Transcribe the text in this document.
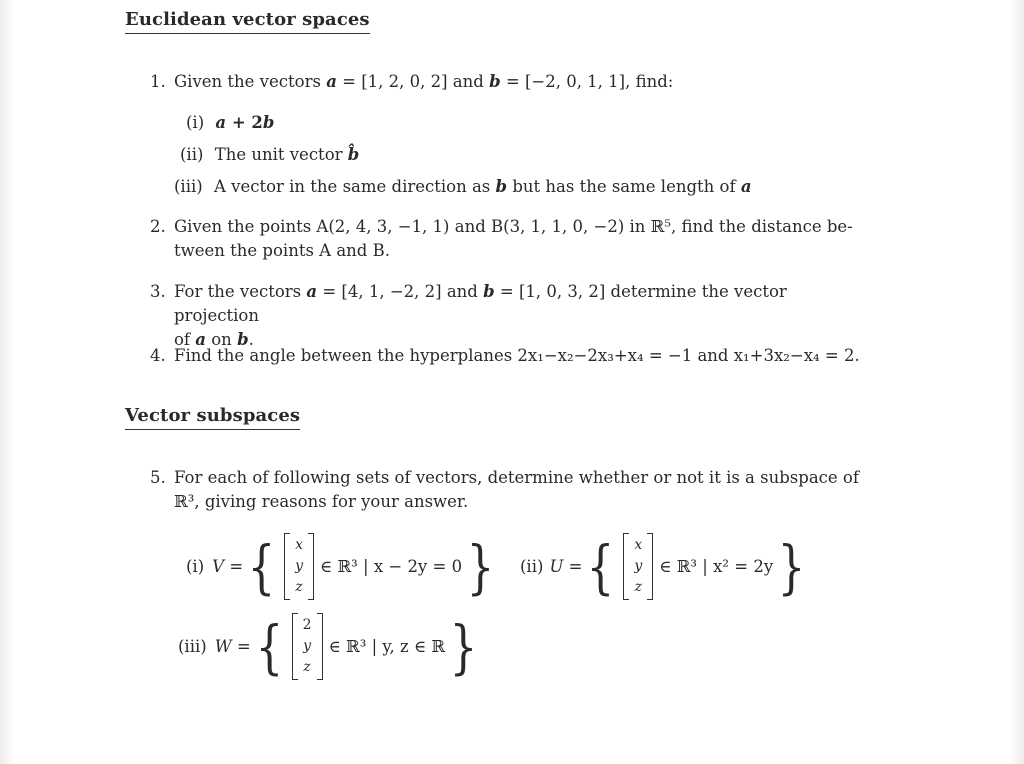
Euclidean vector spaces
1. Given the vectors a = [1, 2, 0, 2] and b = [−2, 0, 1, 1], find:
(i) a + 2b
(ii) The unit vector b̂
(iii) A vector in the same direction as b but has the same length of a
2. Given the points A(2, 4, 3, −1, 1) and B(3, 1, 1, 0, −2) in ℝ⁵, find the distance be-
tween the points A and B.
3. For the vectors a = [4, 1, −2, 2] and b = [1, 0, 3, 2] determine the vector projection
of a on b.
4. Find the angle between the hyperplanes 2x₁−x₂−2x₃+x₄ = −1 and x₁+3x₂−x₄ = 2.
Vector subspaces
5. For each of following sets of vectors, determine whether or not it is a subspace of
ℝ³, giving reasons for your answer.
(i) V = { x
y
z
∈ ℝ³ | x − 2y = 0 } (ii) U = { x
y
z
∈ ℝ³ | x² = 2y }
(iii) W = { 2
y
z
∈ ℝ³ | y, z ∈ ℝ }
